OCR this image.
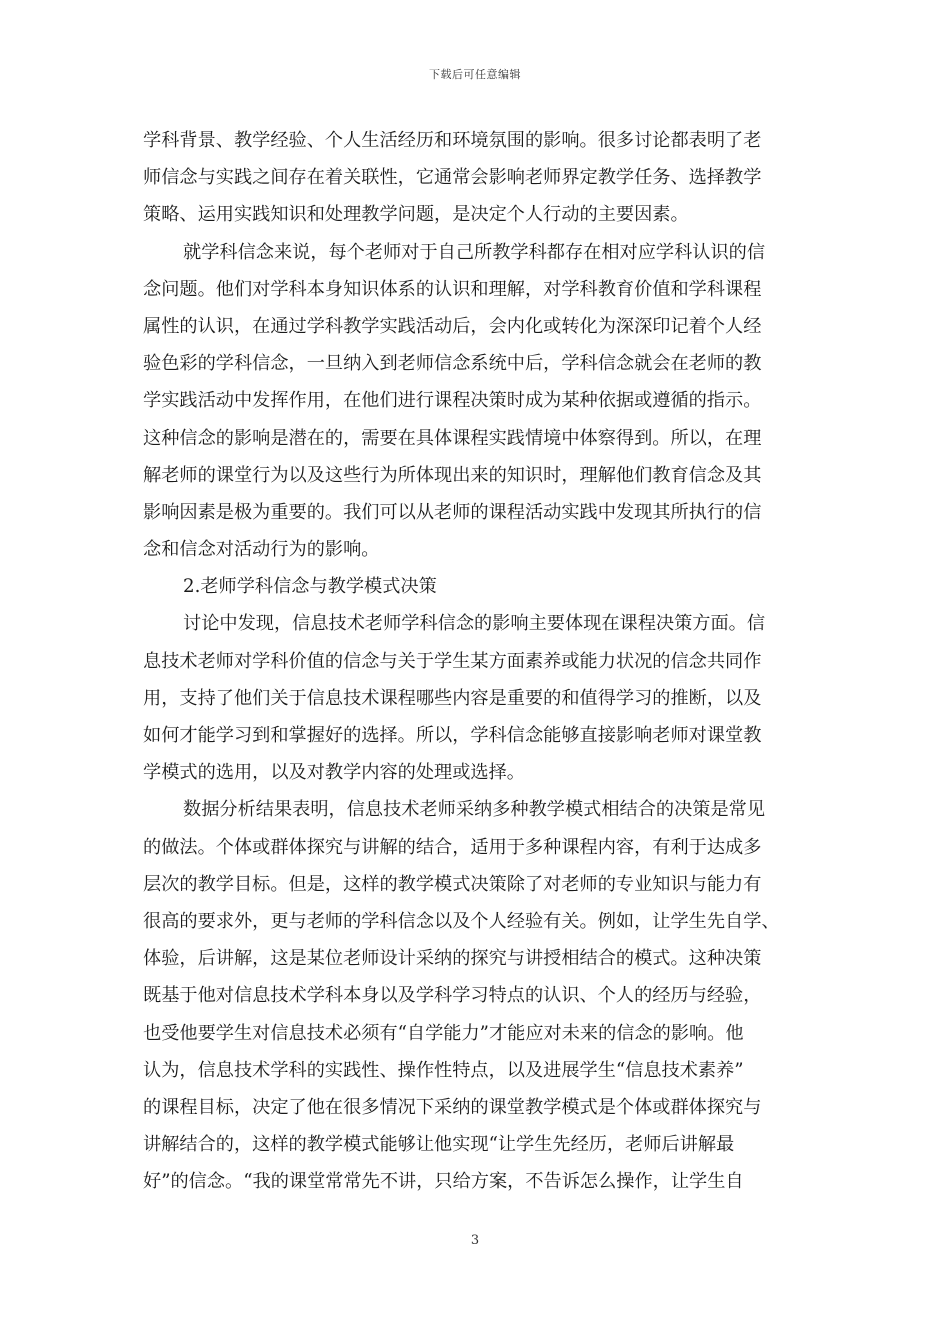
下载后可任意编辑
学科背景、教学经验、个人生活经历和环境氛围的影响。很多讨论都表明了老
师信念与实践之间存在着关联性，它通常会影响老师界定教学任务、选择教学
策略、运用实践知识和处理教学问题，是决定个人行动的主要因素。
就学科信念来说，每个老师对于自己所教学科都存在相对应学科认识的信
念问题。他们对学科本身知识体系的认识和理解，对学科教育价值和学科课程
属性的认识，在通过学科教学实践活动后，会内化或转化为深深印记着个人经
验色彩的学科信念，一旦纳入到老师信念系统中后，学科信念就会在老师的教
学实践活动中发挥作用，在他们进行课程决策时成为某种依据或遵循的指示。
这种信念的影响是潜在的，需要在具体课程实践情境中体察得到。所以，在理
解老师的课堂行为以及这些行为所体现出来的知识时，理解他们教育信念及其
影响因素是极为重要的。我们可以从老师的课程活动实践中发现其所执行的信
念和信念对活动行为的影响。
2.老师学科信念与教学模式决策
讨论中发现，信息技术老师学科信念的影响主要体现在课程决策方面。信
息技术老师对学科价值的信念与关于学生某方面素养或能力状况的信念共同作
用，支持了他们关于信息技术课程哪些内容是重要的和值得学习的推断，以及
如何才能学习到和掌握好的选择。所以，学科信念能够直接影响老师对课堂教
学模式的选用，以及对教学内容的处理或选择。
数据分析结果表明，信息技术老师采纳多种教学模式相结合的决策是常见
的做法。个体或群体探究与讲解的结合，适用于多种课程内容，有利于达成多
层次的教学目标。但是，这样的教学模式决策除了对老师的专业知识与能力有
很高的要求外，更与老师的学科信念以及个人经验有关。例如，让学生先自学、
体验，后讲解，这是某位老师设计采纳的探究与讲授相结合的模式。这种决策
既基于他对信息技术学科本身以及学科学习特点的认识、个人的经历与经验，
也受他要学生对信息技术必须有“自学能力”才能应对未来的信念的影响。他
认为，信息技术学科的实践性、操作性特点，以及进展学生“信息技术素养”
的课程目标，决定了他在很多情况下采纳的课堂教学模式是个体或群体探究与
讲解结合的，这样的教学模式能够让他实现“让学生先经历，老师后讲解最
好”的信念。“我的课堂常常先不讲，只给方案，不告诉怎么操作，让学生自
3
